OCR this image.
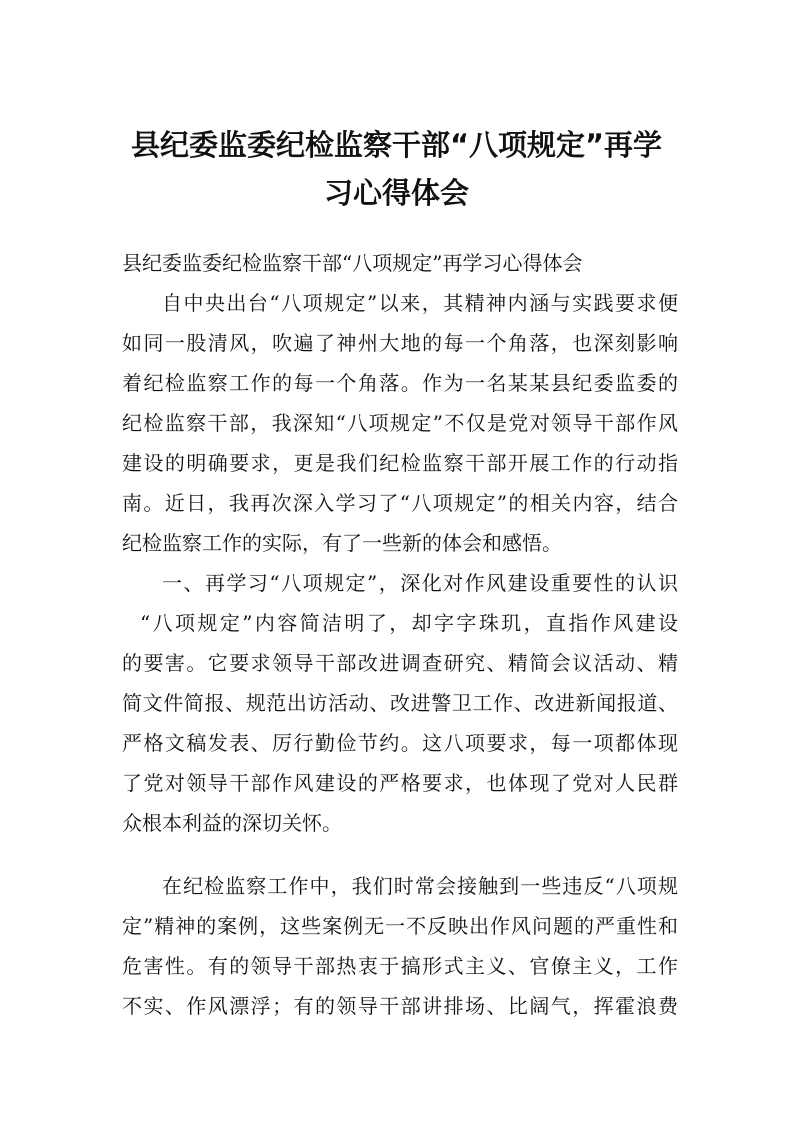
县纪委监委纪检监察干部“八项规定”再学
习心得体会
县纪委监委纪检监察干部“八项规定”再学习心得体会
自中央出台“八项规定”以来，其精神内涵与实践要求便
如同一股清风，吹遍了神州大地的每一个角落，也深刻影响
着纪检监察工作的每一个角落。作为一名某某县纪委监委的
纪检监察干部，我深知“八项规定”不仅是党对领导干部作风
建设的明确要求，更是我们纪检监察干部开展工作的行动指
南。近日，我再次深入学习了“八项规定”的相关内容，结合
纪检监察工作的实际，有了一些新的体会和感悟。
一、再学习“八项规定”，深化对作风建设重要性的认识
“八项规定”内容简洁明了，却字字珠玑，直指作风建设
的要害。它要求领导干部改进调查研究、精简会议活动、精
简文件简报、规范出访活动、改进警卫工作、改进新闻报道、
严格文稿发表、厉行勤俭节约。这八项要求，每一项都体现
了党对领导干部作风建设的严格要求，也体现了党对人民群
众根本利益的深切关怀。
在纪检监察工作中，我们时常会接触到一些违反“八项规
定”精神的案例，这些案例无一不反映出作风问题的严重性和
危害性。有的领导干部热衷于搞形式主义、官僚主义，工作
不实、作风漂浮；有的领导干部讲排场、比阔气，挥霍浪费
